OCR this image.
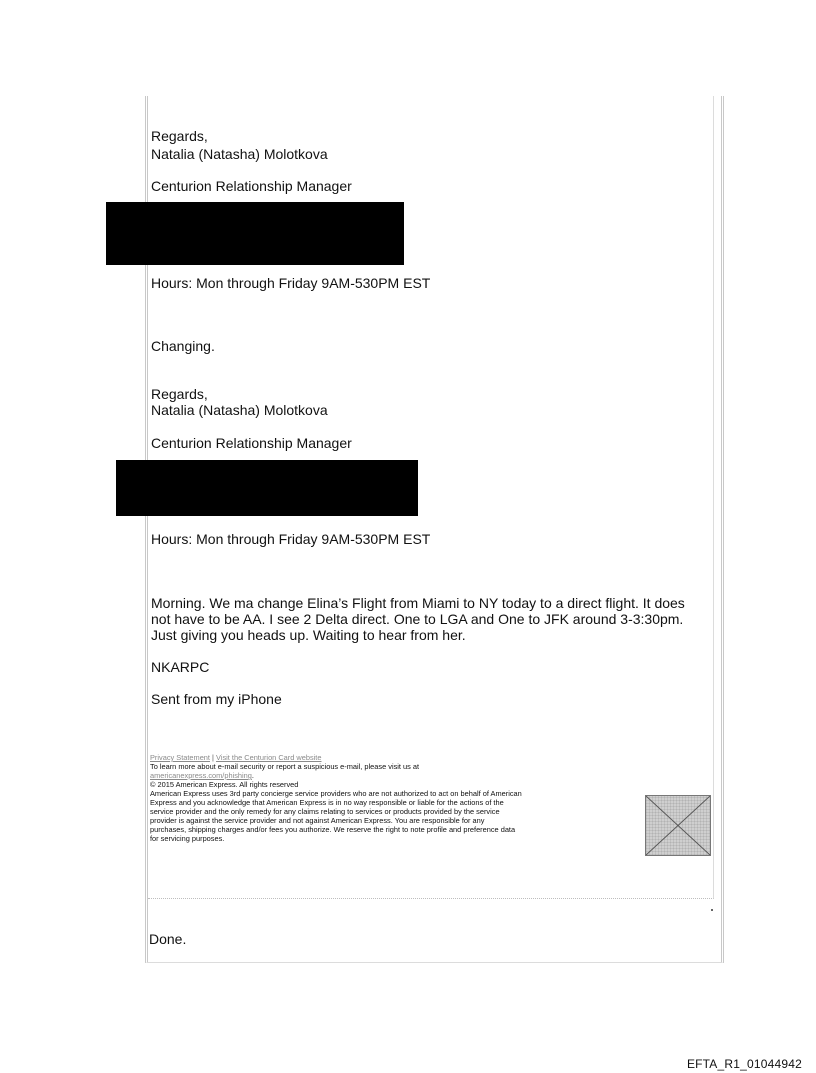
Regards,
Natalia (Natasha) Molotkova
Centurion Relationship Manager
Hours: Mon through Friday 9AM-530PM EST
Changing.
Regards,
Natalia (Natasha) Molotkova
Centurion Relationship Manager
Hours: Mon through Friday 9AM-530PM EST
Morning. We ma change Elina’s Flight from Miami to NY today to a direct flight. It does
not have to be AA. I see 2 Delta direct. One to LGA and One to JFK around 3-3:30pm.
Just giving you heads up. Waiting to hear from her.
NKARPC
Sent from my iPhone
Privacy Statement | Visit the Centurion Card website
To learn more about e-mail security or report a suspicious e-mail, please visit us at
americanexpress.com/phishing.
© 2015 American Express. All rights reserved
American Express uses 3rd party concierge service providers who are not authorized to act on behalf of American
Express and you acknowledge that American Express is in no way responsible or liable for the actions of the
service provider and the only remedy for any claims relating to services or products provided by the service
provider is against the service provider and not against American Express. You are responsible for any
purchases, shipping charges and/or fees you authorize. We reserve the right to note profile and preference data
for servicing purposes.
Done.
EFTA_R1_01044942
